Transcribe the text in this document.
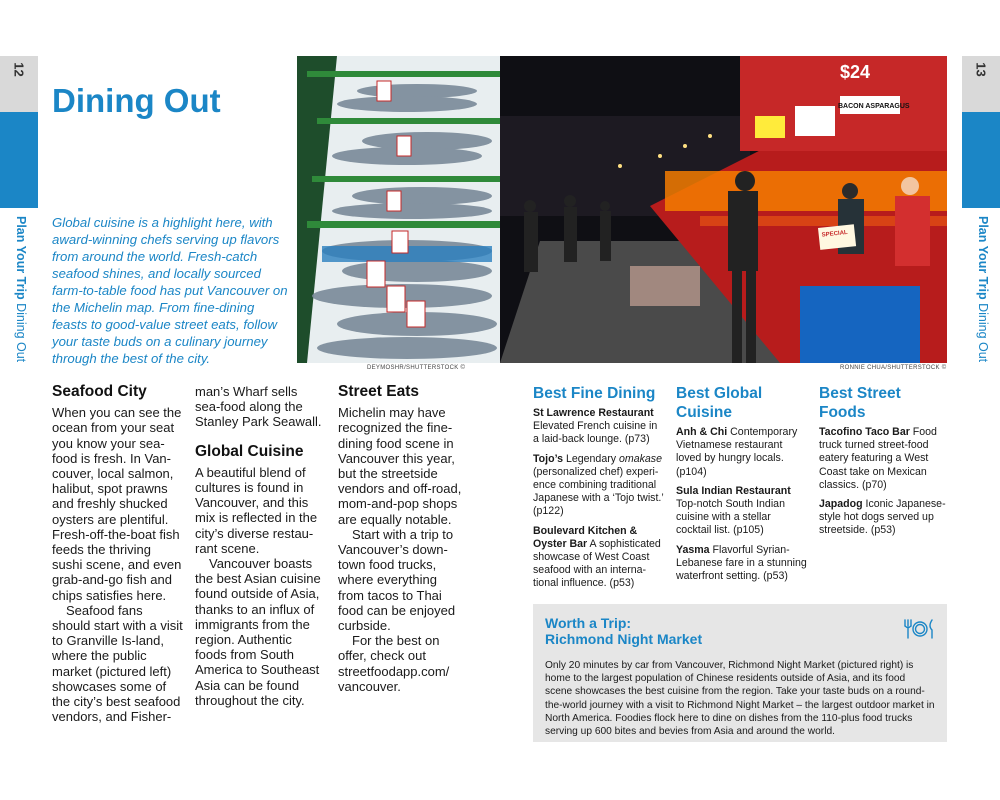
12
Plan Your Trip Dining Out
13
Plan Your Trip Dining Out
Dining Out
Global cuisine is a highlight here, with award-winning chefs serving up flavors from around the world. Fresh-catch seafood shines, and locally sourced farm-to-table food has put Vancouver on the Michelin map. From fine-dining feasts to good-value street eats, follow your taste buds on a culinary journey through the best of the city.
$24
BACON ASPARAGUS
SPECIAL
DEYMOSHR/SHUTTERSTOCK ©	RONNIE CHUA/SHUTTERSTOCK ©
Seafood City

When you can see the ocean from your seat you know your sea-food is fresh. In Van-couver, local salmon, halibut, spot prawns and freshly shucked oysters are plentiful. Fresh-off-the-boat fish feeds the thriving sushi scene, and even grab-and-go fish and chips satisfies here.

Seafood fans should start with a visit to Granville Is-land, where the public market (pictured left) showcases some of the city’s best seafood vendors, and Fisher-

man’s Wharf sells sea-food along the Stanley Park Seawall.

Global Cuisine

A beautiful blend of cultures is found in Vancouver, and this mix is reflected in the city’s diverse restau-rant scene.

Vancouver boasts the best Asian cuisine found outside of Asia, thanks to an influx of immigrants from the region. Authentic foods from South America to Southeast Asia can be found throughout the city.

Street Eats

Michelin may have recognized the fine-dining food scene in Vancouver this year, but the streetside vendors and off-road, mom-and-pop shops are equally notable.

Start with a trip to Vancouver’s down-town food trucks, where everything from tacos to Thai food can be enjoyed curbside.

For the best on offer, check out streetfoodapp.com/ vancouver.

Best Fine Dining
St Lawrence Restaurant
Elevated French cuisine in a laid-back lounge. (p73)
Tojo’s Legendary omakase (personalized chef) experi-ence combining traditional Japanese with a ‘Tojo twist.’ (p122)
Boulevard Kitchen & Oyster Bar A sophisticated showcase of West Coast seafood with an interna-tional influence. (p53)
Best Global Cuisine
Anh & Chi Contemporary Vietnamese restaurant loved by hungry locals. (p104)
Sula Indian Restaurant Top-notch South Indian cuisine with a stellar cocktail list. (p105)
Yasma Flavorful Syrian-Lebanese fare in a stunning waterfront setting. (p53)
Best Street Foods
Tacofino Taco Bar Food truck turned street-food eatery featuring a West Coast take on Mexican classics. (p70)
Japadog Iconic Japanese-style hot dogs served up streetside. (p53)
Worth a Trip:
Richmond Night Market

Only 20 minutes by car from Vancouver, Richmond Night Market (pictured right) is home to the largest population of Chinese residents outside of Asia, and its food scene showcases the best cuisine from the region. Take your taste buds on a round-the-world journey with a visit to Richmond Night Market – the largest outdoor market in North America. Foodies flock here to dine on dishes from the 110-plus food trucks serving up 600 bites and bevies from Asia and around the world.
